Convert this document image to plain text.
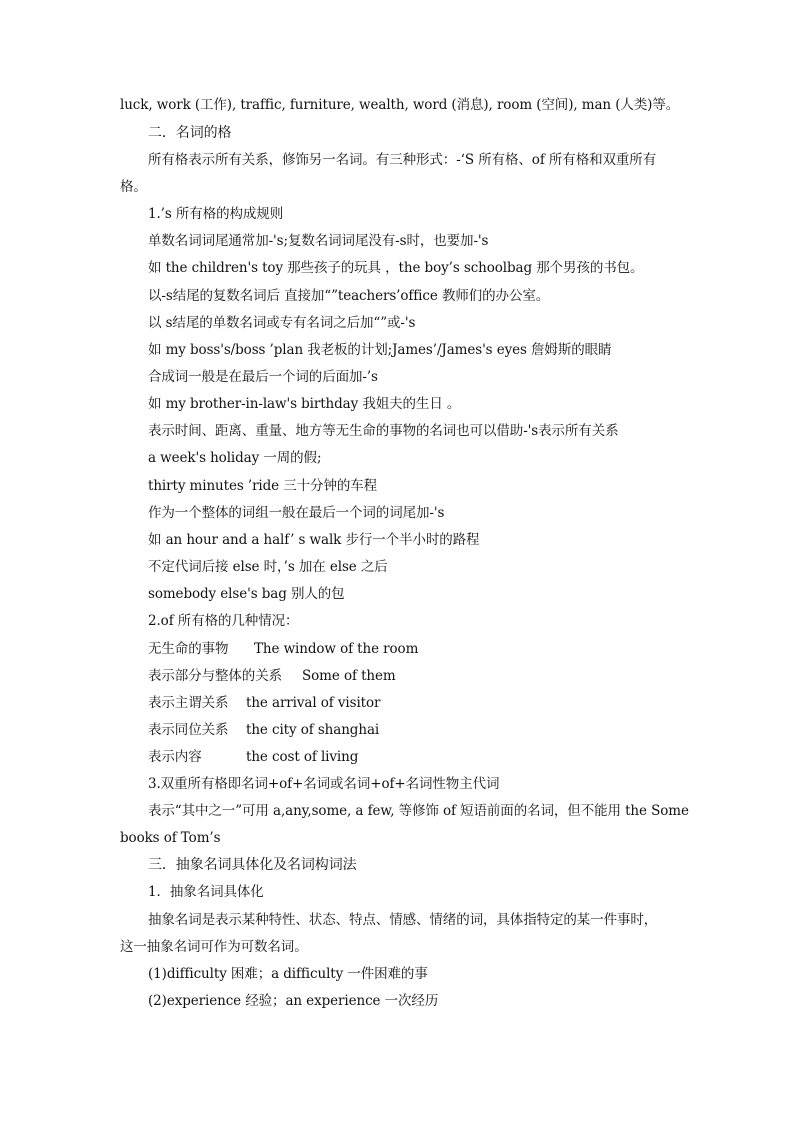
luck, work (工作), traffic, furniture, wealth, word (消息), room (空间), man (人类)等。
二．名词的格
所有格表示所有关系，修饰另一名词。有三种形式：-‘S 所有格、of 所有格和双重所有
格。
1.’s 所有格的构成规则
单数名词词尾通常加-'s;复数名词词尾没有-s时，也要加-'s
如 the children's toy 那些孩子的玩具 ，the boy’s schoolbag 那个男孩的书包。
以-s结尾的复数名词后 直接加“”teachers’office 教师们的办公室。
以 s结尾的单数名词或专有名词之后加“”或-'s
如 my boss's/boss ’plan 我老板的计划;James’/James's eyes 詹姆斯的眼睛
合成词一般是在最后一个词的后面加-’s
如 my brother-in-law's birthday 我姐夫的生日 。
表示时间、距离、重量、地方等无生命的事物的名词也可以借助-'s表示所有关系
a week's holiday 一周的假;
thirty minutes ’ride 三十分钟的车程
作为一个整体的词组一般在最后一个词的词尾加-'s
如 an hour and a half’ s walk 步行一个半小时的路程
不定代词后接 else 时，’s 加在 else 之后
somebody else's bag 别人的包
2.of 所有格的几种情况：
无生命的事物 The window of the room
表示部分与整体的关系 Some of them
表示主谓关系 the arrival of visitor
表示同位关系 the city of shanghai
表示内容	the cost of living
3.双重所有格即名词+of+名词或名词+of+名词性物主代词
表示“其中之一”可用 a,any,some, a few, 等修饰 of 短语前面的名词，但不能用 the Some
books of Tom’s
三．抽象名词具体化及名词构词法
1．抽象名词具体化
抽象名词是表示某种特性、状态、特点、情感、情绪的词，具体指特定的某一件事时，
这一抽象名词可作为可数名词。
(1)difficulty 困难；a difficulty 一件困难的事
(2)experience 经验；an experience 一次经历
